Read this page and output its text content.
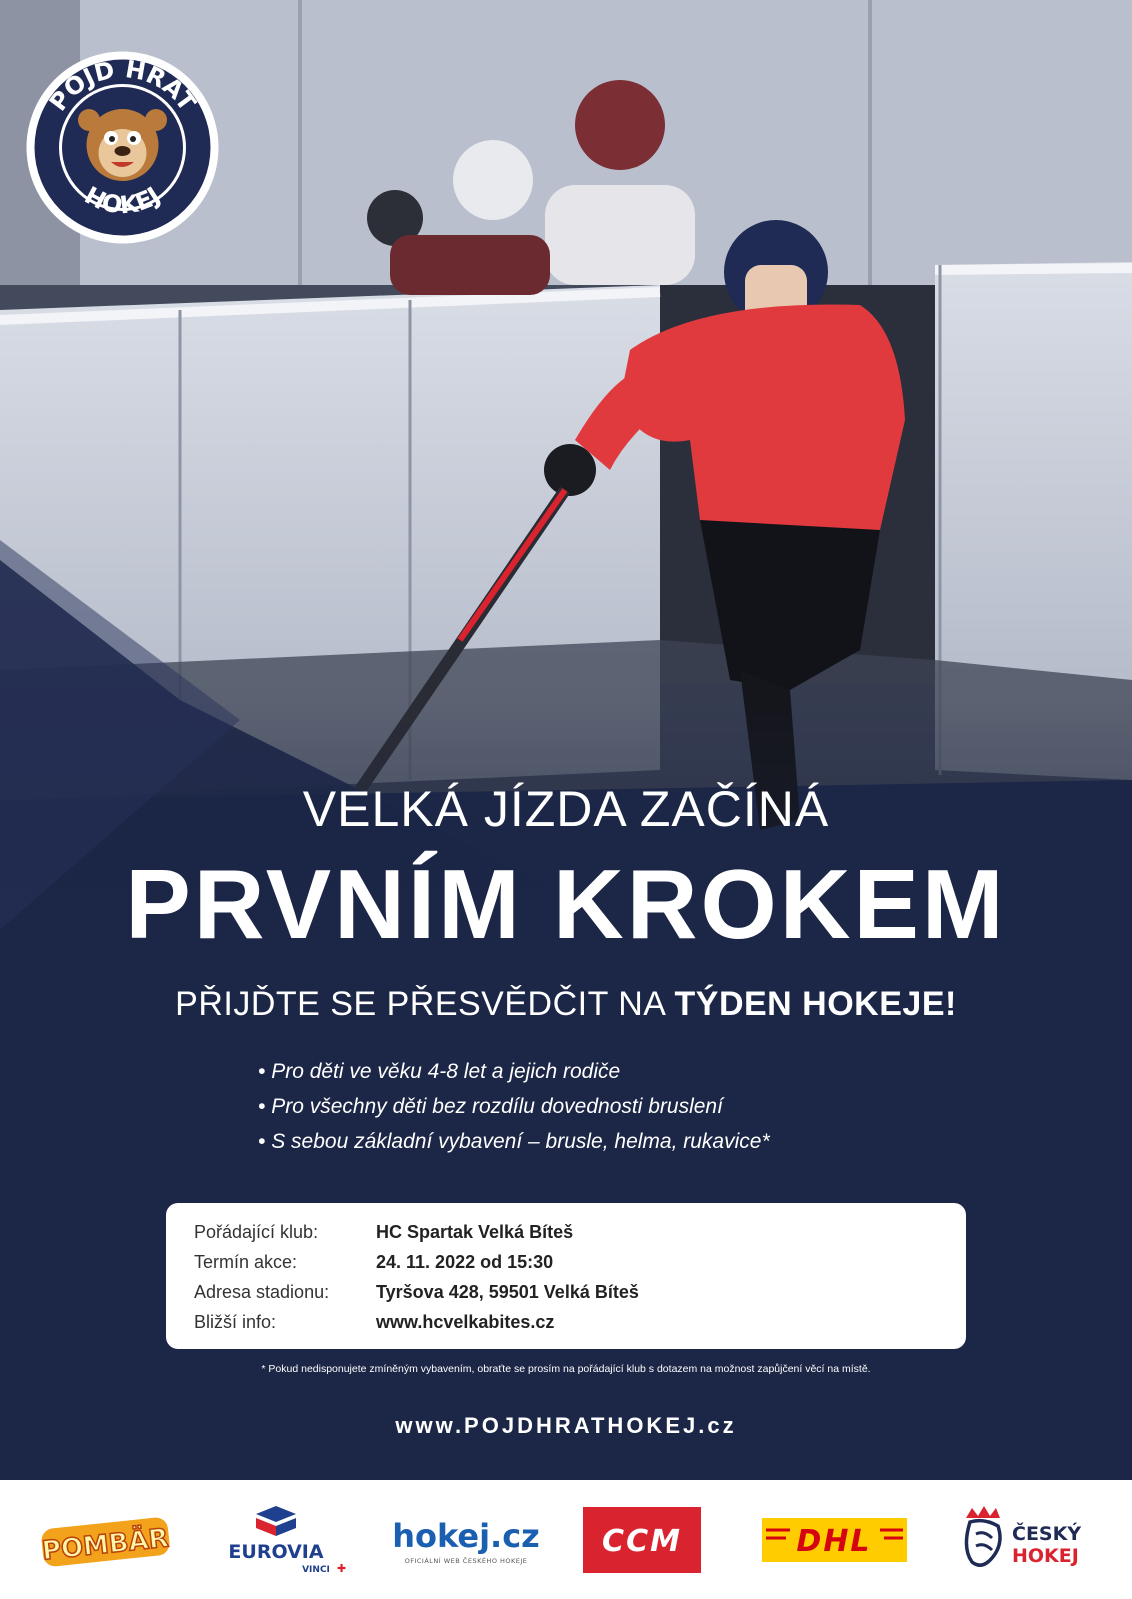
POJĎ HRÁT
HOKEJ
VELKÁ JÍZDA ZAČÍNÁ
PRVNÍM KROKEM
PŘIJĎTE SE PŘESVĚDČIT NA TÝDEN HOKEJE!
• Pro děti ve věku 4-8 let a jejich rodiče
• Pro všechny děti bez rozdílu dovednosti bruslení
• S sebou základní vybavení – brusle, helma, rukavice*
Pořádající klub:	HC Spartak Velká Bíteš
Termín akce:	24. 11. 2022 od 15:30
Adresa stadionu:	Tyršova 428, 59501 Velká Bíteš
Bližší info:	www.hcvelkabites.cz
* Pokud nedisponujete zmíněným vybavením, obraťte se prosím na pořádající klub s dotazem na možnost zapůjčení věcí na místě.
www.POJDHRATHOKEJ.cz
POMBÄR	EUROVIA
VINCI ✚
hokej.cz
OFICIÁLNÍ WEB ČESKÉHO HOKEJE
CCM	DHL	ČESKÝ
HOKEJ
